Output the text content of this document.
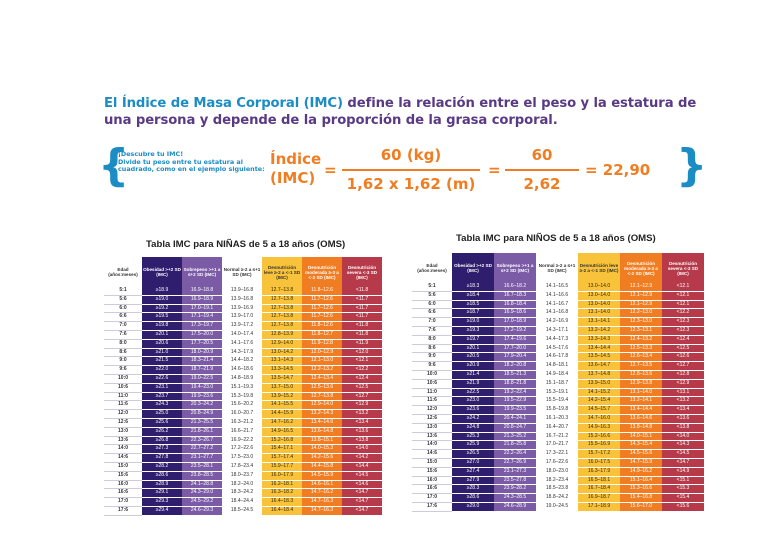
El Índice de Masa Corporal (IMC) define la relación entre el peso y la estatura de una persona y depende de la proporción de la grasa corporal.
{
¡Descubre tu IMC!
Divide tu peso entre tu estatura al cuadrado, como en el ejemplo siguiente:
Índice
(IMC) =
60 (kg)
1,62 x 1,62 (m)
=
60
2,62
= 22,90 }
Tabla IMC para NIÑAS de 5 a 18 años (OMS)
Edad (años:meses)	Obesidad >+2 SD (IMC)	Sobrepeso >+1 a ≤+2 SD (IMC)	Normal ≥-2 a ≤+1 SD (IMC)	Desnutrición leve ≥-2 a <-1 SD (IMC)	Desnutrición moderada ≥-3 a <-2 SD (IMC)	Desnutrición severa <-3 SD (IMC)
5:1	≥18.9	16.9–18.8	13.9–16.8	12.7–13.8	11.8–12.6	<11.8
5:6	≥19.0	16.9–18.9	13.9–16.8	12.7–13.8	11.7–12.6	<11.7
6:0	≥19.2	17.0–19.1	13.9–16.9	12.7–13.8	11.7–12.6	<11.7
6:6	≥19.5	17.1–19.4	13.9–17.0	12.7–13.8	11.7–12.6	<11.7
7:0	≥19.8	17.3–19.7	13.9–17.2	12.7–13.8	11.8–12.6	<11.8
7:6	≥20.1	17.5–20.0	14.0–17.4	12.8–13.9	11.8–12.7	<11.8
8:0	≥20.6	17.7–20.5	14.1–17.6	12.9–14.0	11.9–12.8	<11.9
8:6	≥21.0	18.0–20.9	14.3–17.9	13.0–14.2	12.0–12.9	<12.0
9:0	≥21.5	18.3–21.4	14.4–18.2	13.1–14.3	12.1–13.0	<12.1
9:6	≥22.0	18.7–21.9	14.6–18.6	13.3–14.5	12.2–13.2	<12.2
10:0	≥22.6	19.0–22.5	14.8–18.9	13.5–14.7	12.4–13.4	<12.4
10:6	≥23.1	19.4–23.0	15.1–19.3	13.7–15.0	12.5–13.6	<12.5
11:0	≥23.7	19.9–23.6	15.3–19.8	13.9–15.2	12.7–13.8	<12.7
11:6	≥24.3	20.3–24.2	15.6–20.2	14.1–15.5	12.9–14.0	<12.9
12:0	≥25.0	20.8–24.9	16.0–20.7	14.4–15.9	13.2–14.3	<13.2
12:6	≥25.6	21.3–25.5	16.3–21.2	14.7–16.2	13.4–14.6	<13.4
13:0	≥26.2	21.8–26.1	16.6–21.7	14.9–16.5	13.6–14.8	<13.6
13:6	≥26.8	22.3–26.7	16.9–22.2	15.2–16.8	13.8–15.1	<13.8
14:0	≥27.3	22.7–27.2	17.2–22.6	15.4–17.1	14.0–15.3	<14.0
14:6	≥27.8	23.1–27.7	17.5–23.0	15.7–17.4	14.2–15.6	<14.2
15:0	≥28.2	23.5–28.1	17.8–23.4	15.9–17.7	14.4–15.8	<14.4
15:6	≥28.6	23.8–28.5	18.0–23.7	16.0–17.9	14.5–15.9	<14.5
16:0	≥28.9	24.1–28.8	18.2–24.0	16.2–18.1	14.6–16.1	<14.6
16:6	≥29.1	24.3–29.0	18.3–24.2	16.3–18.2	14.7–16.2	<14.7
17:0	≥29.3	24.5–29.2	18.4–24.4	16.4–18.3	14.7–16.3	<14.7
17:6	≥29.4	24.6–29.3	18.5–24.5	16.4–18.4	14.7–16.3	<14.7
Tabla IMC para NIÑOS de 5 a 18 años (OMS)
Edad (años:meses)	Obesidad >+2 SD (IMC)	Sobrepeso >+1 a ≤+2 SD (IMC)	Normal ≥-2 a ≤+1 SD (IMC)	Desnutrición leve ≥-2 a <-1 SD (IMC)	Desnutrición moderada ≥-3 a <-2 SD (IMC)	Desnutrición severa <-3 SD (IMC)
5:1	≥18.3	16.6–18.2	14.1–16.5	13.0–14.0	12.1–12.9	<12.1
5:6	≥18.4	16.7–18.3	14.1–16.6	13.0–14.0	12.1–12.9	<12.1
6:0	≥18.5	16.8–18.4	14.1–16.7	13.0–14.0	12.1–12.9	<12.1
6:6	≥18.7	16.9–18.6	14.1–16.8	13.1–14.0	12.2–13.0	<12.2
7:0	≥19.0	17.0–18.9	14.2–16.9	13.1–14.1	12.3–13.0	<12.3
7:6	≥19.3	17.2–19.2	14.3–17.1	13.2–14.2	12.3–13.1	<12.3
8:0	≥19.7	17.4–19.6	14.4–17.3	13.3–14.3	12.4–13.2	<12.4
8:6	≥20.1	17.7–20.0	14.5–17.6	13.4–14.4	12.5–13.3	<12.5
9:0	≥20.5	17.9–20.4	14.6–17.8	13.5–14.5	12.6–13.4	<12.6
9:6	≥20.9	18.2–20.8	14.8–18.1	13.6–14.7	12.7–13.5	<12.7
10:0	≥21.4	18.5–21.3	14.9–18.4	13.7–14.8	12.8–13.6	<12.8
10:6	≥21.9	18.8–21.8	15.1–18.7	13.9–15.0	12.9–13.8	<12.9
11:0	≥22.5	19.2–22.4	15.3–19.1	14.1–15.2	13.1–14.0	<13.1
11:6	≥23.0	19.5–22.9	15.5–19.4	14.2–15.4	13.2–14.1	<13.2
12:0	≥23.6	19.9–23.5	15.8–19.8	14.5–15.7	13.4–14.4	<13.4
12:6	≥24.2	20.4–24.1	16.1–20.3	14.7–16.0	13.6–14.6	<13.6
13:0	≥24.8	20.8–24.7	16.4–20.7	14.9–16.3	13.8–14.8	<13.8
13:6	≥25.3	21.3–25.2	16.7–21.2	15.2–16.6	14.0–15.1	<14.0
14:0	≥25.9	21.8–25.8	17.0–21.7	15.5–16.9	14.3–15.4	<14.3
14:6	≥26.5	22.2–26.4	17.3–22.1	15.7–17.2	14.5–15.6	<14.5
15:0	≥27.0	22.7–26.9	17.6–22.6	16.0–17.5	14.7–15.9	<14.7
15:6	≥27.4	23.1–27.3	18.0–23.0	16.3–17.9	14.9–16.2	<14.9
16:0	≥27.9	23.5–27.8	18.2–23.4	16.5–18.1	15.1–16.4	<15.1
16:6	≥28.3	23.9–28.2	18.5–23.8	16.7–18.4	15.3–16.6	<15.3
17:0	≥28.6	24.3–28.5	18.8–24.2	16.9–18.7	15.4–16.8	<15.4
17:6	≥29.0	24.6–28.9	19.0–24.5	17.1–18.9	15.6–17.0	<15.6
